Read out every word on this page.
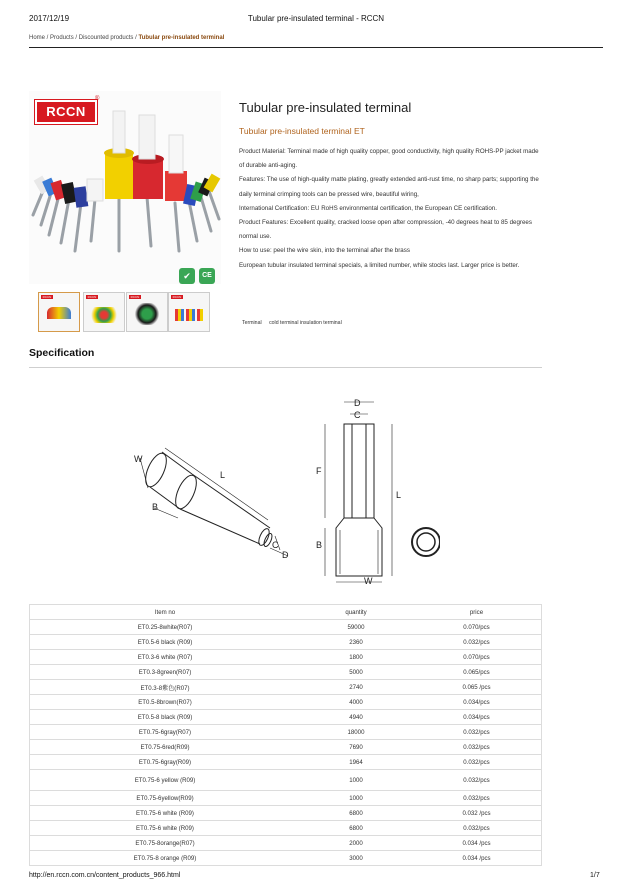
2017/12/19	Tubular pre-insulated terminal - RCCN
Home / Products / Discounted products / Tubular pre-insulated terminal
RCCN
®
✔	CE
RCCN	RCCN	RCCN	RCCN
Tubular pre-insulated terminal
Tubular pre-insulated terminal ET

Product Material: Terminal made of high quality copper, good conductivity, high quality ROHS-PP jacket made of durable anti-aging.

Features: The use of high-quality matte plating, greatly extended anti-rust time, no sharp parts; supporting the daily terminal crimping tools can be pressed wire, beautiful wiring,

International Certification: EU RoHS environmental certification, the European CE certification.

Product Features: Excellent quality, cracked loose open after compression, -40 degrees heat to 85 degrees normal use.

How to use: peel the wire skin, into the terminal after the brass

European tubular insulated terminal specials, a limited number, while stocks last. Larger price is better.

Terminal cold terminal insulation terminal
Specification
W
B
L
C
D
D
C
F
B
L
W
Item no	quantity	price
ET0.25-8white(R07)	59000	0.070/pcs
ET0.5-6 black (R09)	2360	0.032/pcs
ET0.3-6 white (R07)	1800	0.070/pcs
ET0.3-8green(R07)	5000	0.065/pcs
ET0.3-8紫色(R07)	2740	0.065 /pcs
ET0.5-8brown(R07)	4000	0.034/pcs
ET0.5-8 black (R09)	4940	0.034/pcs
ET0.75-6gray(R07)	18000	0.032/pcs
ET0.75-6red(R09)	7690	0.032/pcs
ET0.75-6gray(R09)	1964	0.032/pcs
ET0.75-6 yellow (R09)	1000	0.032/pcs
ET0.75-6yellow(R09)	1000	0.032/pcs
ET0.75-6 white (R09)	6800	0.032 /pcs
ET0.75-6 white (R09)	6800	0.032/pcs
ET0.75-8orange(R07)	2000	0.034 /pcs
ET0.75-8 orange (R09)	3000	0.034 /pcs
http://en.rccn.com.cn/content_products_966.html	1/7
